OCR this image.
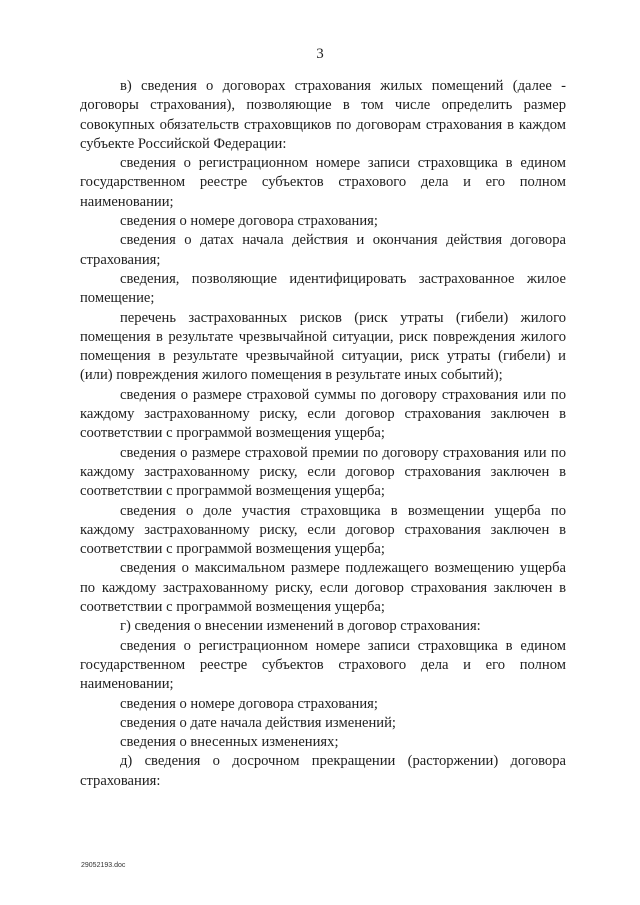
3

в) сведения о договорах страхования жилых помещений (далее - договоры страхования), позволяющие в том числе определить размер совокупных обязательств страховщиков по договорам страхования в каждом субъекте Российской Федерации:

сведения о регистрационном номере записи страховщика в едином государственном реестре субъектов страхового дела и его полном наименовании;

сведения о номере договора страхования;

сведения о датах начала действия и окончания действия договора страхования;

сведения, позволяющие идентифицировать застрахованное жилое помещение;

перечень застрахованных рисков (риск утраты (гибели) жилого помещения в результате чрезвычайной ситуации, риск повреждения жилого помещения в результате чрезвычайной ситуации, риск утраты (гибели) и (или) повреждения жилого помещения в результате иных событий);

сведения о размере страховой суммы по договору страхования или по каждому застрахованному риску, если договор страхования заключен в соответствии с программой возмещения ущерба;

сведения о размере страховой премии по договору страхования или по каждому застрахованному риску, если договор страхования заключен в соответствии с программой возмещения ущерба;

сведения о доле участия страховщика в возмещении ущерба по каждому застрахованному риску, если договор страхования заключен в соответствии с программой возмещения ущерба;

сведения о максимальном размере подлежащего возмещению ущерба по каждому застрахованному риску, если договор страхования заключен в соответствии с программой возмещения ущерба;

г) сведения о внесении изменений в договор страхования:

сведения о регистрационном номере записи страховщика в едином государственном реестре субъектов страхового дела и его полном наименовании;

сведения о номере договора страхования;

сведения о дате начала действия изменений;

сведения о внесенных изменениях;

д) сведения о досрочном прекращении (расторжении) договора страхования:

29052193.doc
